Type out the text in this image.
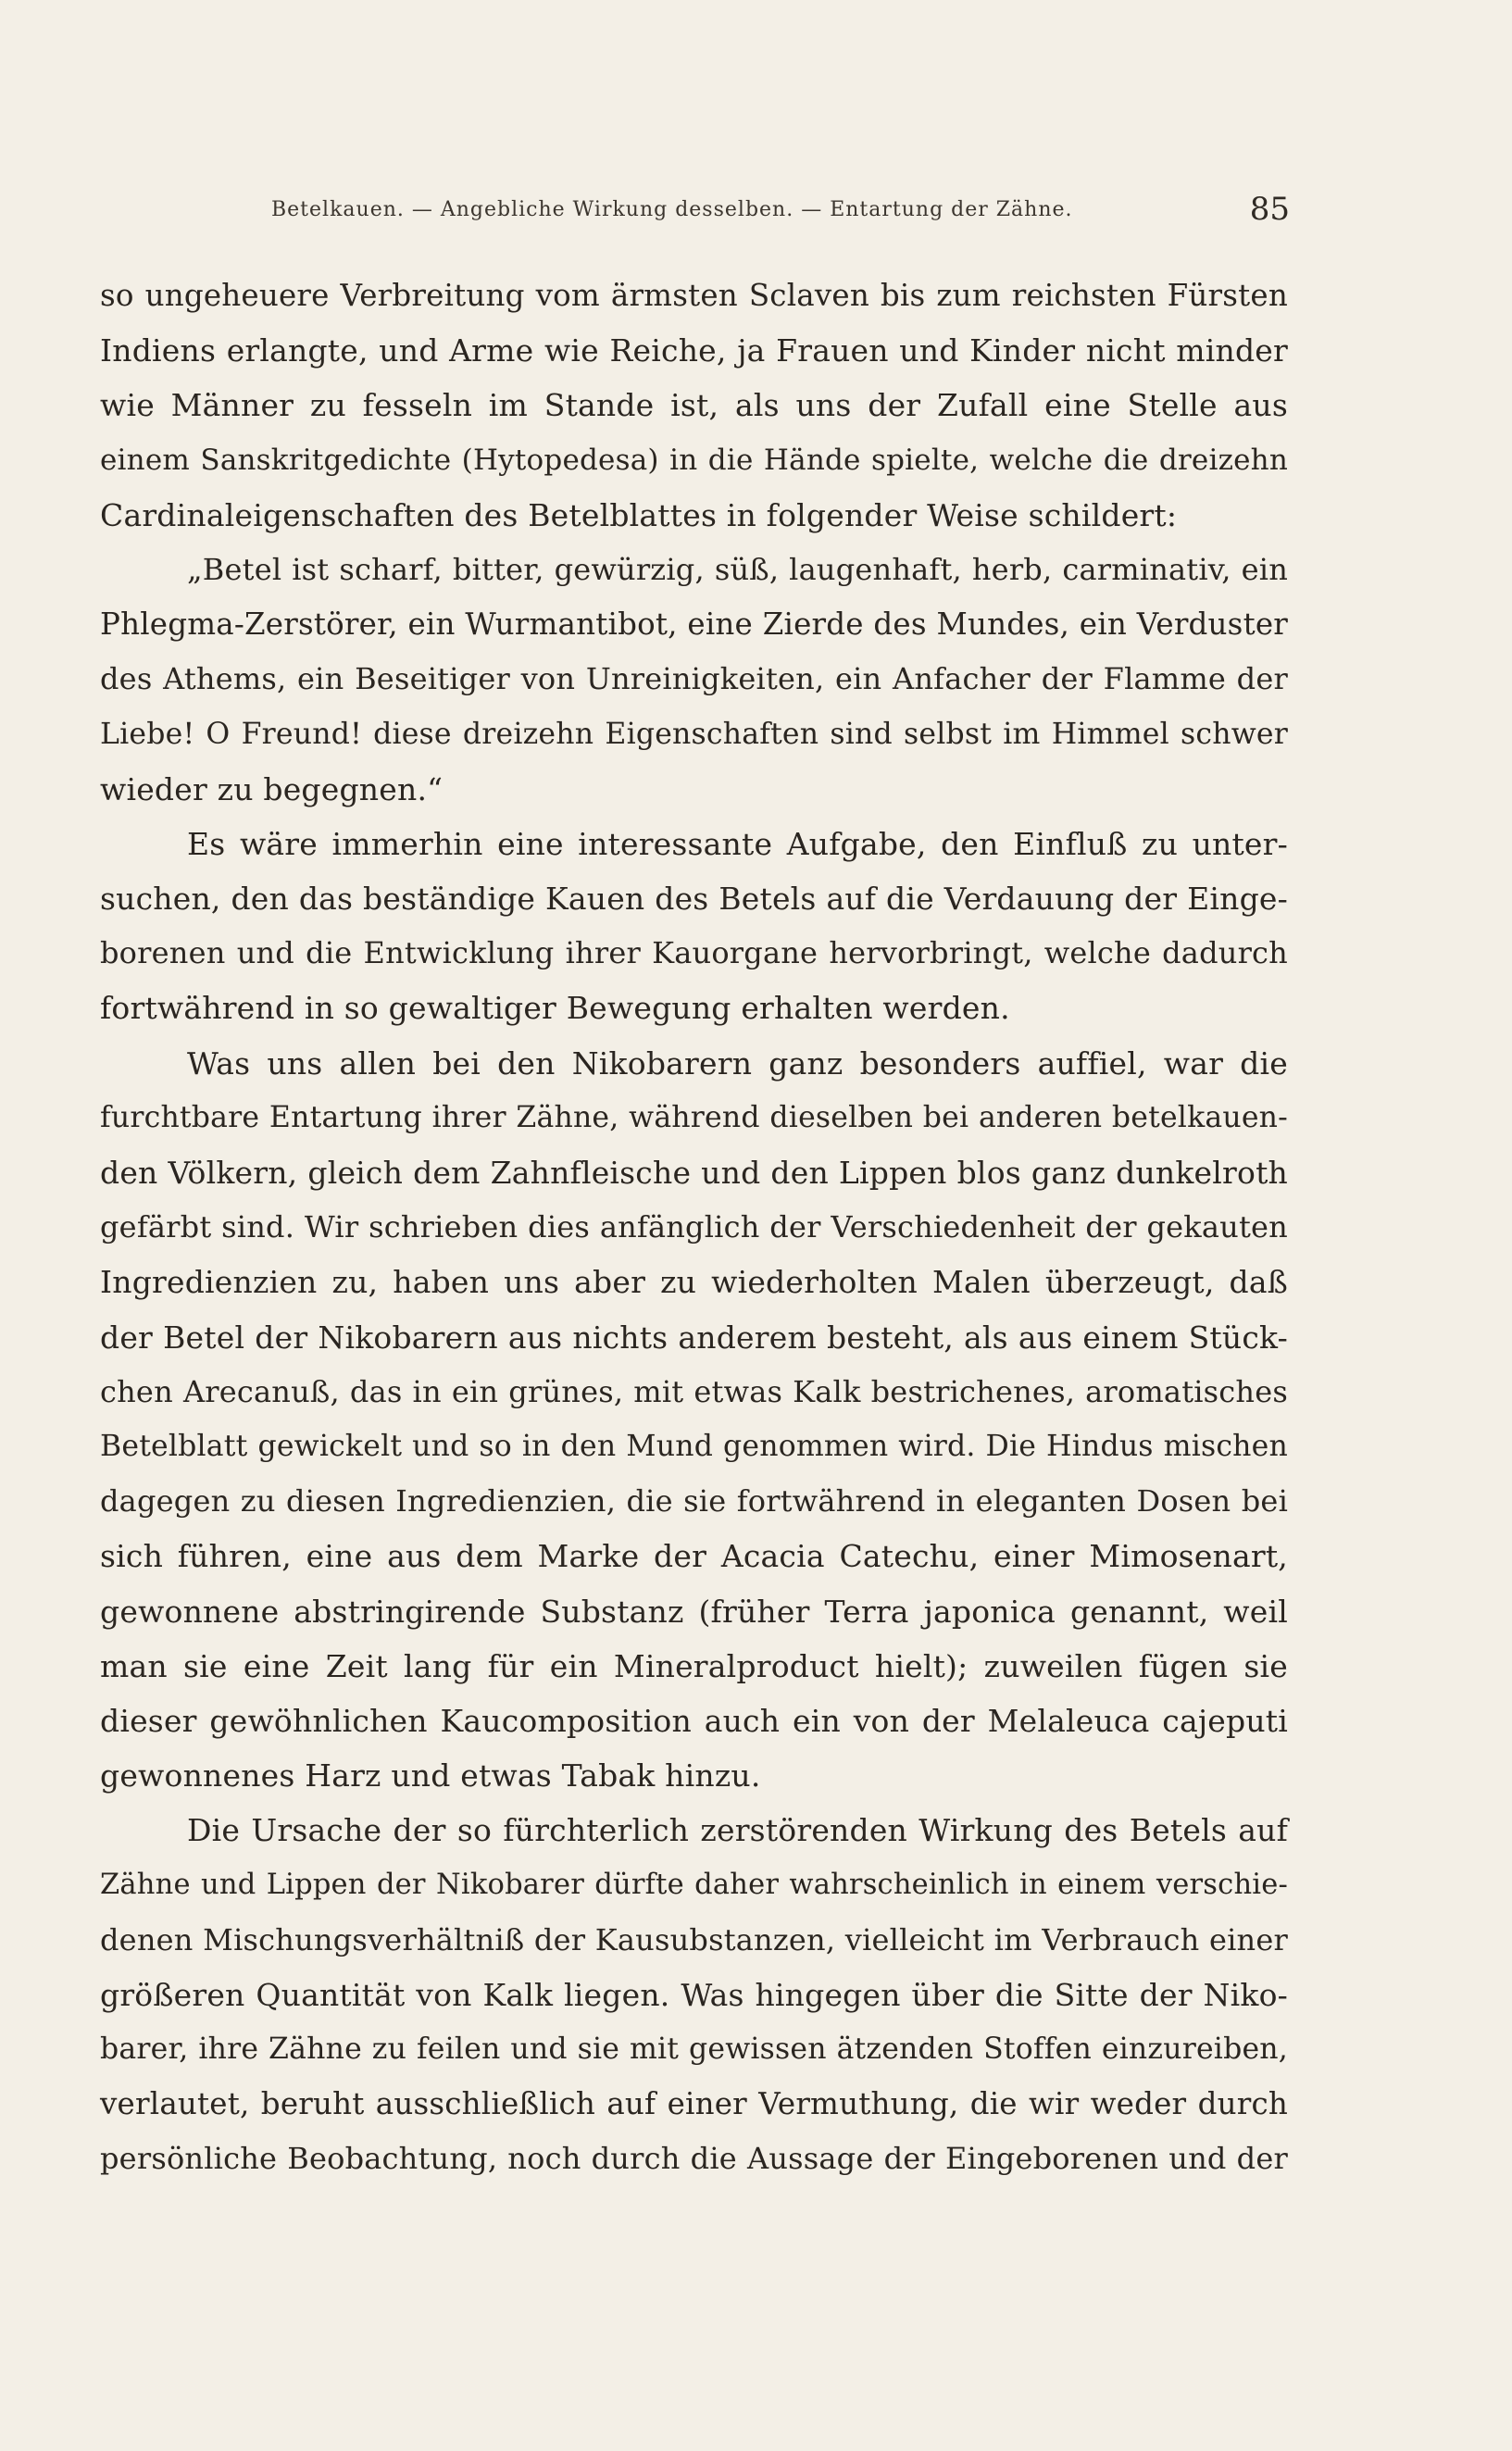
Betelkauen. — Angebliche Wirkung desselben. — Entartung der Zähne.	85
so ungeheuere Verbreitung vom ärmsten Sclaven bis zum reichsten Fürsten
Indiens erlangte, und Arme wie Reiche, ja Frauen und Kinder nicht minder
wie Männer zu fesseln im Stande ist, als uns der Zufall eine Stelle aus
einem Sanskritgedichte (Hytopedesa) in die Hände spielte, welche die dreizehn
Cardinaleigenschaften des Betelblattes in folgender Weise schildert:
„Betel ist scharf, bitter, gewürzig, süß, laugenhaft, herb, carminativ, ein
Phlegma-Zerstörer, ein Wurmantibot, eine Zierde des Mundes, ein Verduster
des Athems, ein Beseitiger von Unreinigkeiten, ein Anfacher der Flamme der
Liebe! O Freund! diese dreizehn Eigenschaften sind selbst im Himmel schwer
wieder zu begegnen.“
Es wäre immerhin eine interessante Aufgabe, den Einfluß zu unter-
suchen, den das beständige Kauen des Betels auf die Verdauung der Einge-
borenen und die Entwicklung ihrer Kauorgane hervorbringt, welche dadurch
fortwährend in so gewaltiger Bewegung erhalten werden.
Was uns allen bei den Nikobarern ganz besonders auffiel, war die
furchtbare Entartung ihrer Zähne, während dieselben bei anderen betelkauen-
den Völkern, gleich dem Zahnfleische und den Lippen blos ganz dunkelroth
gefärbt sind. Wir schrieben dies anfänglich der Verschiedenheit der gekauten
Ingredienzien zu, haben uns aber zu wiederholten Malen überzeugt, daß
der Betel der Nikobarern aus nichts anderem besteht, als aus einem Stück-
chen Arecanuß, das in ein grünes, mit etwas Kalk bestrichenes, aromatisches
Betelblatt gewickelt und so in den Mund genommen wird. Die Hindus mischen
dagegen zu diesen Ingredienzien, die sie fortwährend in eleganten Dosen bei
sich führen, eine aus dem Marke der Acacia Catechu, einer Mimosenart,
gewonnene abstringirende Substanz (früher Terra japonica genannt, weil
man sie eine Zeit lang für ein Mineralproduct hielt); zuweilen fügen sie
dieser gewöhnlichen Kaucomposition auch ein von der Melaleuca cajeputi
gewonnenes Harz und etwas Tabak hinzu.
Die Ursache der so fürchterlich zerstörenden Wirkung des Betels auf
Zähne und Lippen der Nikobarer dürfte daher wahrscheinlich in einem verschie-
denen Mischungsverhältniß der Kausubstanzen, vielleicht im Verbrauch einer
größeren Quantität von Kalk liegen. Was hingegen über die Sitte der Niko-
barer, ihre Zähne zu feilen und sie mit gewissen ätzenden Stoffen einzureiben,
verlautet, beruht ausschließlich auf einer Vermuthung, die wir weder durch
persönliche Beobachtung, noch durch die Aussage der Eingeborenen und der
